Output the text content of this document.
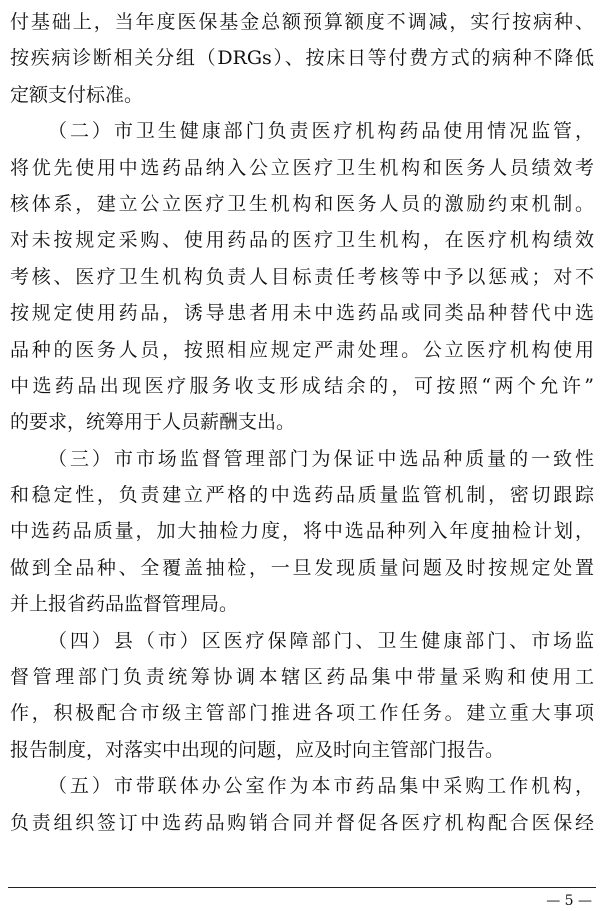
付基础上，当年度医保基金总额预算额度不调减，实行按病种、
按疾病诊断相关分组（DRGs）、按床日等付费方式的病种不降低
定额支付标准。
（二）市卫生健康部门负责医疗机构药品使用情况监管，
将优先使用中选药品纳入公立医疗卫生机构和医务人员绩效考
核体系，建立公立医疗卫生机构和医务人员的激励约束机制。
对未按规定采购、使用药品的医疗卫生机构，在医疗机构绩效
考核、医疗卫生机构负责人目标责任考核等中予以惩戒；对不
按规定使用药品，诱导患者用未中选药品或同类品种替代中选
品种的医务人员，按照相应规定严肃处理。公立医疗机构使用
中选药品出现医疗服务收支形成结余的，可按照“两个允许”
的要求，统筹用于人员薪酬支出。
（三）市市场监督管理部门为保证中选品种质量的一致性
和稳定性，负责建立严格的中选药品质量监管机制，密切跟踪
中选药品质量，加大抽检力度，将中选品种列入年度抽检计划，
做到全品种、全覆盖抽检，一旦发现质量问题及时按规定处置
并上报省药品监督管理局。
（四）县（市）区医疗保障部门、卫生健康部门、市场监
督管理部门负责统筹协调本辖区药品集中带量采购和使用工
作，积极配合市级主管部门推进各项工作任务。建立重大事项
报告制度，对落实中出现的问题，应及时向主管部门报告。
（五）市带联体办公室作为本市药品集中采购工作机构，
负责组织签订中选药品购销合同并督促各医疗机构配合医保经
— 5 —
